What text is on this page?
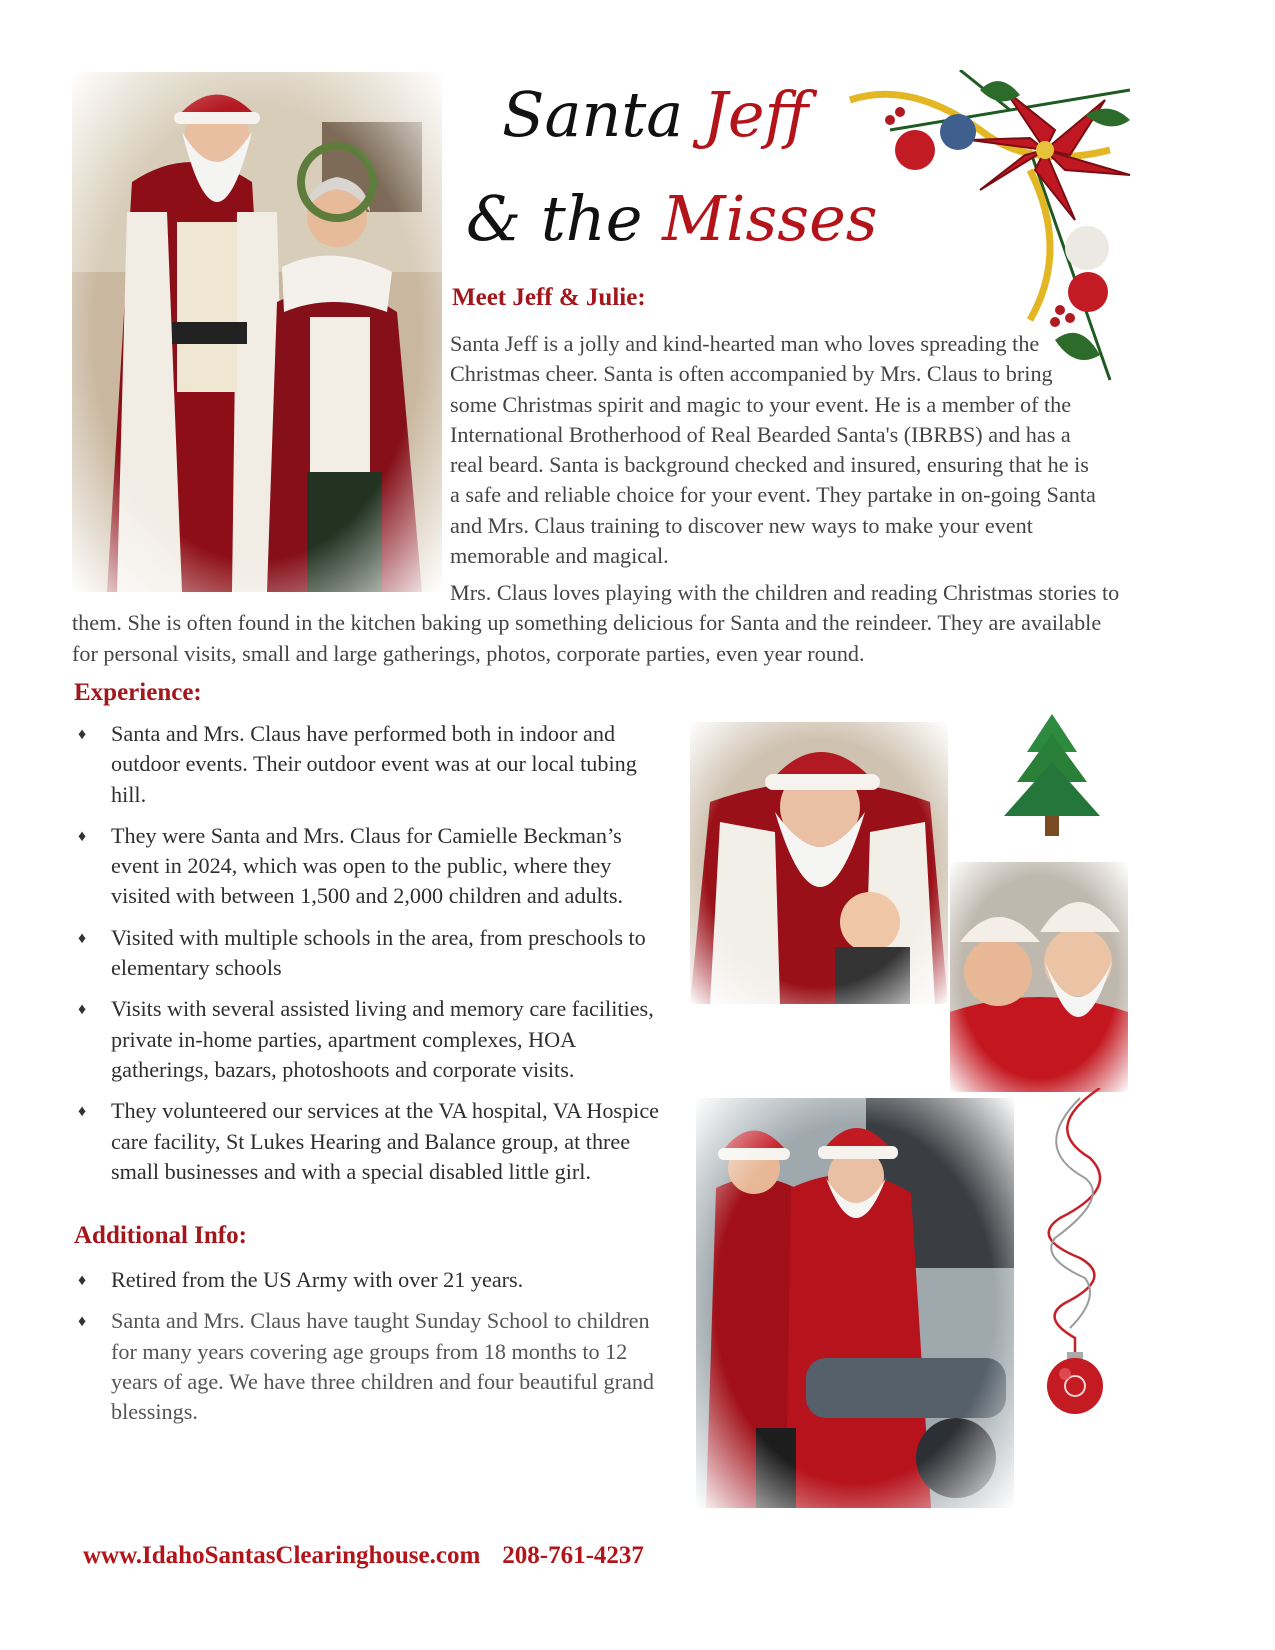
Santa Jeff
& the Misses
Meet Jeff & Julie:

Santa Jeff is a jolly and kind-hearted man who loves spreading the Christmas cheer. Santa is often accompanied by Mrs. Claus to bring some Christmas spirit and magic to your event. He is a member of the International Brotherhood of Real Bearded Santa's (IBRBS) and has a real beard. Santa is background checked and insured, ensuring that he is a safe and reliable choice for your event. They partake in on-going Santa and Mrs. Claus training to discover new ways to make your event memorable and magical.

Mrs. Claus loves playing with the children and reading Christmas stories to them. She is often found in the kitchen baking up something delicious for Santa and the reindeer. They are available for personal visits, small and large gatherings, photos, corporate parties, even year round.

Experience:
♦ Santa and Mrs. Claus have performed both in indoor and outdoor events. Their outdoor event was at our local tubing hill.
♦ They were Santa and Mrs. Claus for Camielle Beckman’s event in 2024, which was open to the public, where they visited with between 1,500 and 2,000 children and adults.
♦ Visited with multiple schools in the area, from preschools to elementary schools
♦ Visits with several assisted living and memory care facilities, private in-home parties, apartment complexes, HOA gatherings, bazars, photoshoots and corporate visits.
♦ They volunteered our services at the VA hospital, VA Hospice care facility, St Lukes Hearing and Balance group, at three small businesses and with a special disabled little girl.
Additional Info:
♦ Retired from the US Army with over 21 years.
♦ Santa and Mrs. Claus have taught Sunday School to children for many years covering age groups from 18 months to 12 years of age. We have three children and four beautiful grand blessings.
www.IdahoSantasClearinghouse.com 208-761-4237
